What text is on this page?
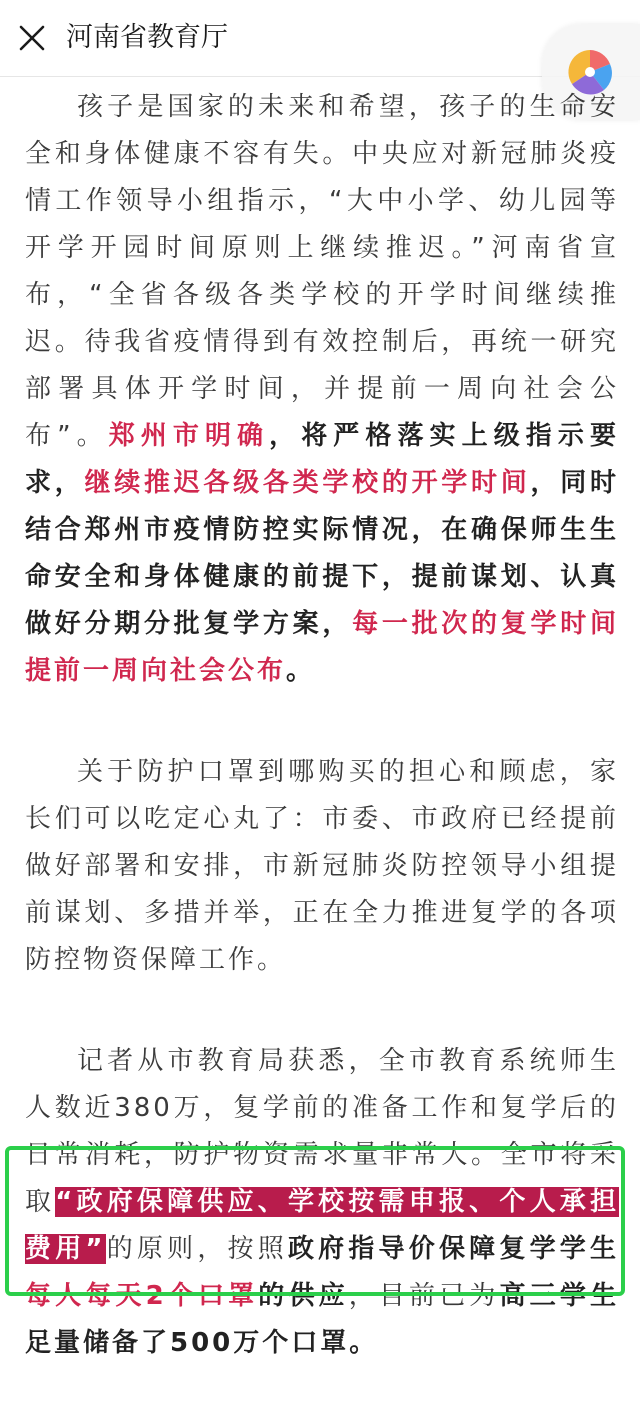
河南省教育厅

孩子是国家的未来和希望，孩子的生命安全和身体健康不容有失。中央应对新冠肺炎疫情工作领导小组指示，“大中小学、幼儿园等开学开园时间原则上继续推迟。”河南省宣布，“全省各级各类学校的开学时间继续推迟。待我省疫情得到有效控制后，再统一研究部署具体开学时间，并提前一周向社会公布”。郑州市明确，将严格落实上级指示要求，继续推迟各级各类学校的开学时间，同时结合郑州市疫情防控实际情况，在确保师生生命安全和身体健康的前提下，提前谋划、认真做好分期分批复学方案，每一批次的复学时间提前一周向社会公布。

关于防护口罩到哪购买的担心和顾虑，家长们可以吃定心丸了：市委、市政府已经提前做好部署和安排，市新冠肺炎防控领导小组提前谋划、多措并举，正在全力推进复学的各项防控物资保障工作。

记者从市教育局获悉，全市教育系统师生人数近380万，复学前的准备工作和复学后的日常消耗，防护物资需求量非常大。全市将采取“政府保障供应、学校按需申报、个人承担费用”的原则，按照政府指导价保障复学学生每人每天2个口罩的供应，目前已为高三学生足量储备了500万个口罩。
